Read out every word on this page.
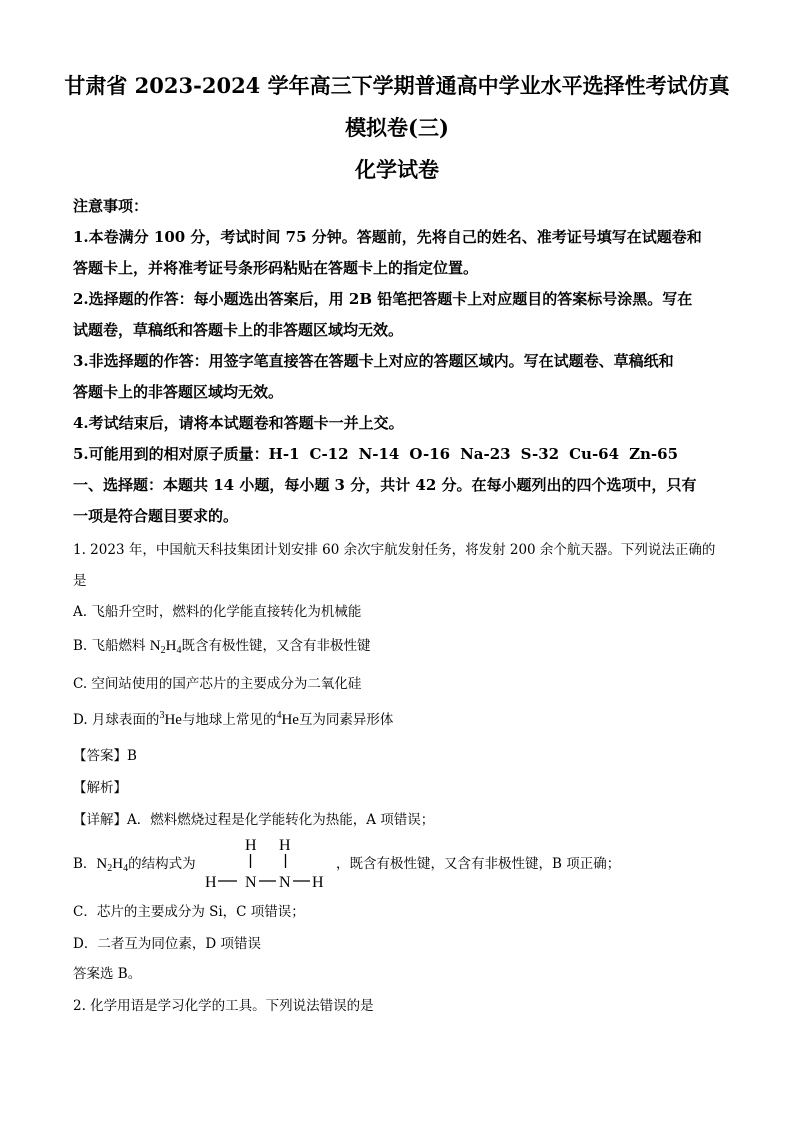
甘肃省 2023-2024 学年高三下学期普通高中学业水平选择性考试仿真
模拟卷(三)
化学试卷
注意事项：
1.本卷满分 100 分，考试时间 75 分钟。答题前，先将自己的姓名、准考证号填写在试题卷和
答题卡上，并将准考证号条形码粘贴在答题卡上的指定位置。
2.选择题的作答：每小题选出答案后，用 2B 铅笔把答题卡上对应题目的答案标号涂黑。写在
试题卷，草稿纸和答题卡上的非答题区域均无效。
3.非选择题的作答：用签字笔直接答在答题卡上对应的答题区域内。写在试题卷、草稿纸和
答题卡上的非答题区域均无效。
4.考试结束后，请将本试题卷和答题卡一并上交。
5.可能用到的相对原子质量：H-1 C-12 N-14 O-16 Na-23 S-32 Cu-64 Zn-65
一、选择题：本题共 14 小题，每小题 3 分，共计 42 分。在每小题列出的四个选项中，只有
一项是符合题目要求的。
1. 2023 年，中国航天科技集团计划安排 60 余次宇航发射任务，将发射 200 余个航天器。下列说法正确的
是
A. 飞船升空时，燃料的化学能直接转化为机械能
B. 飞船燃料 $N_2H_4$既含有极性键，又含有非极性键
C. 空间站使用的国产芯片的主要成分为二氧化硅
D. 月球表面的$^3$He与地球上常见的$^4$He互为同素异形体
【答案】B
【解析】
【详解】A．燃料燃烧过程是化学能转化为热能，A 项错误；
B．$N_2H_4$的结构式为
H H
H N N H
，既含有极性键，又含有非极性键，B 项正确；
C．芯片的主要成分为 Si，C 项错误；
D．二者互为同位素，D 项错误
答案选 B。
2. 化学用语是学习化学的工具。下列说法错误的是
